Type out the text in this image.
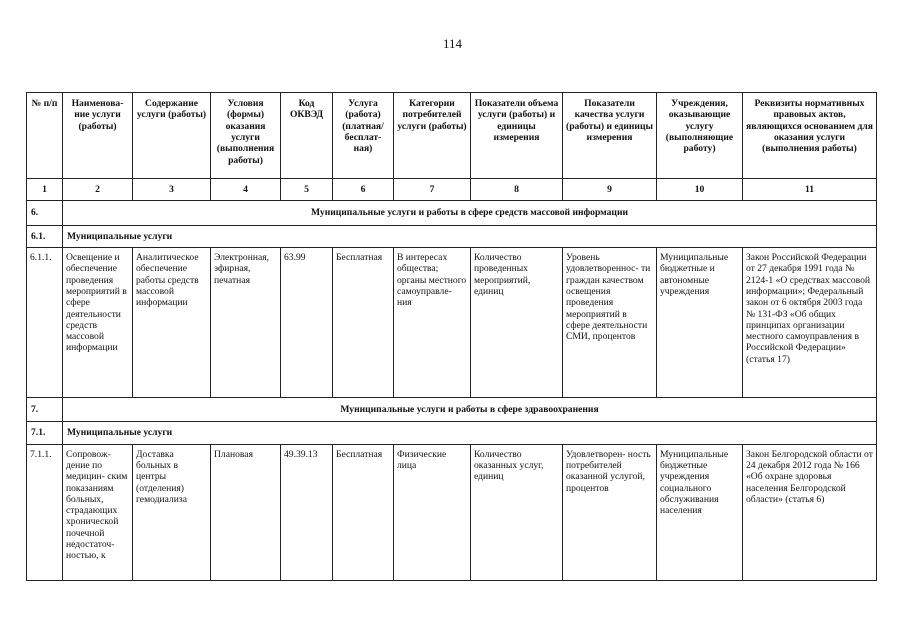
114
№ п/п	Наименова- ние услуги (работы)	Содержание услуги (работы)	Условия (формы) оказания услуги (выполнения работы)	Код ОКВЭД	Услуга (работа) (платная/ бесплат- ная)	Категории потребителей услуги (работы)	Показатели объема услуги (работы) и единицы измерения	Показатели качества услуги (работы) и единицы измерения	Учреждения, оказывающие услугу (выполняющие работу)	Реквизиты нормативных правовых актов, являющихся основанием для оказания услуги (выполнения работы)
1	2	3	4	5	6	7	8	9	10	11
6.	Муниципальные услуги и работы в сфере средств массовой информации									
6.1.	Муниципальные услуги									
6.1.1.	Освещение и обеспечение проведения мероприятий в сфере деятельности средств массовой информации	Аналитическое обеспечение работы средств массовой информации	Электронная, эфирная, печатная	63.99	Бесплатная	В интересах общества; органы местного самоуправле- ния	Количество проведенных мероприятий, единиц	Уровень удовлетвореннос- ти граждан качеством освещения проведения мероприятий в сфере деятельности СМИ, процентов	Муниципальные бюджетные и автономные учреждения	Закон Российской Федерации от 27 декабря 1991 года № 2124-1 «О средствах массовой информации»; Федеральный закон от 6 октября 2003 года № 131-ФЗ «Об общих принципах организации местного самоуправления в Российской Федерации» (статья 17)
7.	Муниципальные услуги и работы в сфере здравоохранения									
7.1.	Муниципальные услуги									
7.1.1.	Сопровож- дение по медицин- ским показаниям больных, страдающих хронической почечной недостаточ- ностью, к	Доставка больных в центры (отделения) гемодиализа	Плановая	49.39.13	Бесплатная	Физические лица	Количество оказанных услуг, единиц	Удовлетворен- ность потребителей оказанной услугой, процентов	Муниципальные бюджетные учреждения социального обслуживания населения	Закон Белгородской области от 24 декабря 2012 года № 166 «Об охране здоровья населения Белгородской области» (статья 6)
